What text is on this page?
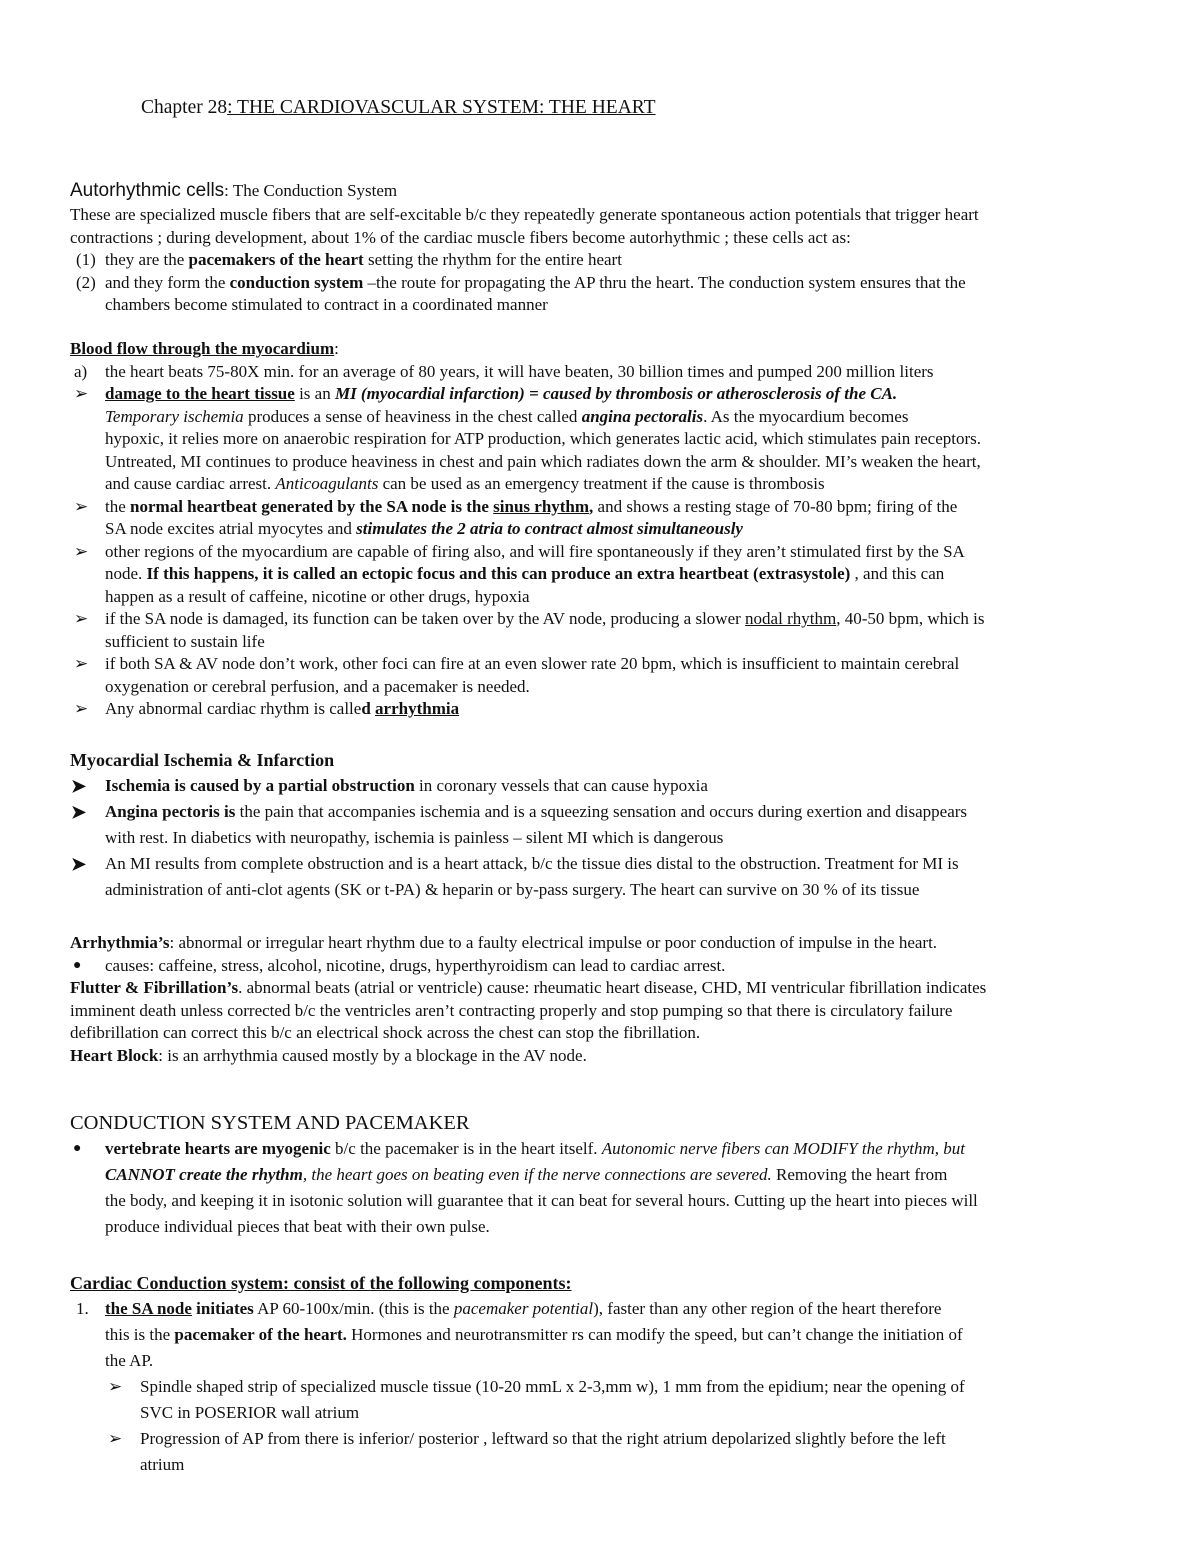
Chapter 28: THE CARDIOVASCULAR SYSTEM: THE HEART
Autorhythmic cells: The Conduction System
These are specialized muscle fibers that are self-excitable b/c they repeatedly generate spontaneous action potentials that trigger heart
contractions ; during development, about 1% of the cardiac muscle fibers become autorhythmic ; these cells act as:
(1) they are the pacemakers of the heart setting the rhythm for the entire heart
(2) and they form the conduction system –the route for propagating the AP thru the heart. The conduction system ensures that the
chambers become stimulated to contract in a coordinated manner
Blood flow through the myocardium:
a) the heart beats 75-80X min. for an average of 80 years, it will have beaten, 30 billion times and pumped 200 million liters
➢ damage to the heart tissue is an MI (myocardial infarction) = caused by thrombosis or atherosclerosis of the CA.
Temporary ischemia produces a sense of heaviness in the chest called angina pectoralis. As the myocardium becomes
hypoxic, it relies more on anaerobic respiration for ATP production, which generates lactic acid, which stimulates pain receptors.
Untreated, MI continues to produce heaviness in chest and pain which radiates down the arm & shoulder. MI’s weaken the heart,
and cause cardiac arrest. Anticoagulants can be used as an emergency treatment if the cause is thrombosis
➢ the normal heartbeat generated by the SA node is the sinus rhythm, and shows a resting stage of 70-80 bpm; firing of the
SA node excites atrial myocytes and stimulates the 2 atria to contract almost simultaneously
➢ other regions of the myocardium are capable of firing also, and will fire spontaneously if they aren’t stimulated first by the SA
node. If this happens, it is called an ectopic focus and this can produce an extra heartbeat (extrasystole) , and this can
happen as a result of caffeine, nicotine or other drugs, hypoxia
➢ if the SA node is damaged, its function can be taken over by the AV node, producing a slower nodal rhythm, 40-50 bpm, which is
sufficient to sustain life
➢ if both SA & AV node don’t work, other foci can fire at an even slower rate 20 bpm, which is insufficient to maintain cerebral
oxygenation or cerebral perfusion, and a pacemaker is needed.
➢ Any abnormal cardiac rhythm is called arrhythmia
Myocardial Ischemia & Infarction
➤ Ischemia is caused by a partial obstruction in coronary vessels that can cause hypoxia
➤ Angina pectoris is the pain that accompanies ischemia and is a squeezing sensation and occurs during exertion and disappears
with rest. In diabetics with neuropathy, ischemia is painless – silent MI which is dangerous
➤ An MI results from complete obstruction and is a heart attack, b/c the tissue dies distal to the obstruction. Treatment for MI is
administration of anti-clot agents (SK or t-PA) & heparin or by-pass surgery. The heart can survive on 30 % of its tissue
Arrhythmia’s: abnormal or irregular heart rhythm due to a faulty electrical impulse or poor conduction of impulse in the heart.
● causes: caffeine, stress, alcohol, nicotine, drugs, hyperthyroidism can lead to cardiac arrest.
Flutter & Fibrillation’s. abnormal beats (atrial or ventricle) cause: rheumatic heart disease, CHD, MI ventricular fibrillation indicates
imminent death unless corrected b/c the ventricles aren’t contracting properly and stop pumping so that there is circulatory failure
defibrillation can correct this b/c an electrical shock across the chest can stop the fibrillation.
Heart Block: is an arrhythmia caused mostly by a blockage in the AV node.
CONDUCTION SYSTEM AND PACEMAKER
● vertebrate hearts are myogenic b/c the pacemaker is in the heart itself. Autonomic nerve fibers can MODIFY the rhythm, but
CANNOT create the rhythm, the heart goes on beating even if the nerve connections are severed. Removing the heart from
the body, and keeping it in isotonic solution will guarantee that it can beat for several hours. Cutting up the heart into pieces will
produce individual pieces that beat with their own pulse.
Cardiac Conduction system: consist of the following components:
1. the SA node initiates AP 60-100x/min. (this is the pacemaker potential), faster than any other region of the heart therefore
this is the pacemaker of the heart. Hormones and neurotransmitter rs can modify the speed, but can’t change the initiation of
the AP.
➢ Spindle shaped strip of specialized muscle tissue (10-20 mmL x 2-3,mm w), 1 mm from the epidium; near the opening of
SVC in POSERIOR wall atrium
➢ Progression of AP from there is inferior/ posterior , leftward so that the right atrium depolarized slightly before the left
atrium
